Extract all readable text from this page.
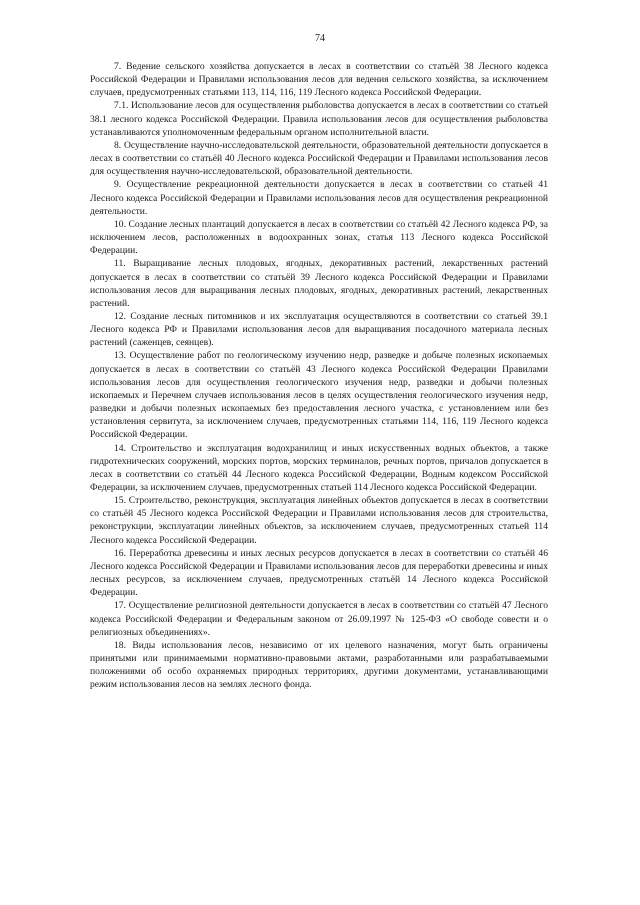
74

7. Ведение сельского хозяйства допускается в лесах в соответствии со статьёй 38 Лесного кодекса Российской Федерации и Правилами использования лесов для ведения сельского хозяйства, за исключением случаев, предусмотренных статьями 113, 114, 116, 119 Лесного кодекса Российской Федерации.

7.1. Использование лесов для осуществления рыболовства допускается в лесах в соответствии со статьей 38.1 лесного кодекса Российской Федерации. Правила использования лесов для осуществления рыболовства устанавливаются уполномоченным федеральным органом исполнительной власти.

8. Осуществление научно-исследовательской деятельности, образовательной деятельности допускается в лесах в соответствии со статьёй 40 Лесного кодекса Российской Федерации и Правилами использования лесов для осуществления научно-исследовательской, образовательной деятельности.

9. Осуществление рекреационной деятельности допускается в лесах в соответствии со статьей 41 Лесного кодекса Российской Федерации и Правилами использования лесов для осуществления рекреационной деятельности.

10. Создание лесных плантаций допускается в лесах в соответствии со статьёй 42 Лесного кодекса РФ, за исключением лесов, расположенных в водоохранных зонах, статья 113 Лесного кодекса Российской Федерации.

11. Выращивание лесных плодовых, ягодных, декоративных растений, лекарственных растений допускается в лесах в соответствии со статьёй 39 Лесного кодекса Российской Федерации и Правилами использования лесов для выращивания лесных плодовых, ягодных, декоративных растений, лекарственных растений.

12. Создание лесных питомников и их эксплуатация осуществляются в соответствии со статьей 39.1 Лесного кодекса РФ и Правилами использования лесов для выращивания посадочного материала лесных растений (саженцев, сеянцев).

13. Осуществление работ по геологическому изучению недр, разведке и добыче полезных ископаемых допускается в лесах в соответствии со статьёй 43 Лесного кодекса Российской Федерации Правилами использования лесов для осуществления геологического изучения недр, разведки и добычи полезных ископаемых и Перечнем случаев использования лесов в целях осуществления геологического изучения недр, разведки и добычи полезных ископаемых без предоставления лесного участка, с установлением или без установления сервитута, за исключением случаев, предусмотренных статьями 114, 116, 119 Лесного кодекса Российской Федерации.

14. Строительство и эксплуатация водохранилищ и иных искусственных водных объектов, а также гидротехнических сооружений, морских портов, морских терминалов, речных портов, причалов допускается в лесах в соответствии со статьёй 44 Лесного кодекса Российской Федерации, Водным кодексом Российской Федерации, за исключением случаев, предусмотренных статьей 114 Лесного кодекса Российской Федерации.

15. Строительство, реконструкция, эксплуатация линейных объектов допускается в лесах в соответствии со статьёй 45 Лесного кодекса Российской Федерации и Правилами использования лесов для строительства, реконструкции, эксплуатации линейных объектов, за исключением случаев, предусмотренных статьей 114 Лесного кодекса Российской Федерации.

16. Переработка древесины и иных лесных ресурсов допускается в лесах в соответствии со статьёй 46 Лесного кодекса Российской Федерации и Правилами использования лесов для переработки древесины и иных лесных ресурсов, за исключением случаев, предусмотренных статьёй 14 Лесного кодекса Российской Федерации.

17. Осуществление религиозной деятельности допускается в лесах в соответствии со статьёй 47 Лесного кодекса Российской Федерации и Федеральным законом от 26.09.1997 № 125-ФЗ «О свободе совести и о религиозных объединениях».

18. Виды использования лесов, независимо от их целевого назначения, могут быть ограничены принятыми или принимаемыми нормативно-правовыми актами, разработанными или разрабатываемыми положениями об особо охраняемых природных территориях, другими документами, устанавливающими режим использования лесов на землях лесного фонда.
